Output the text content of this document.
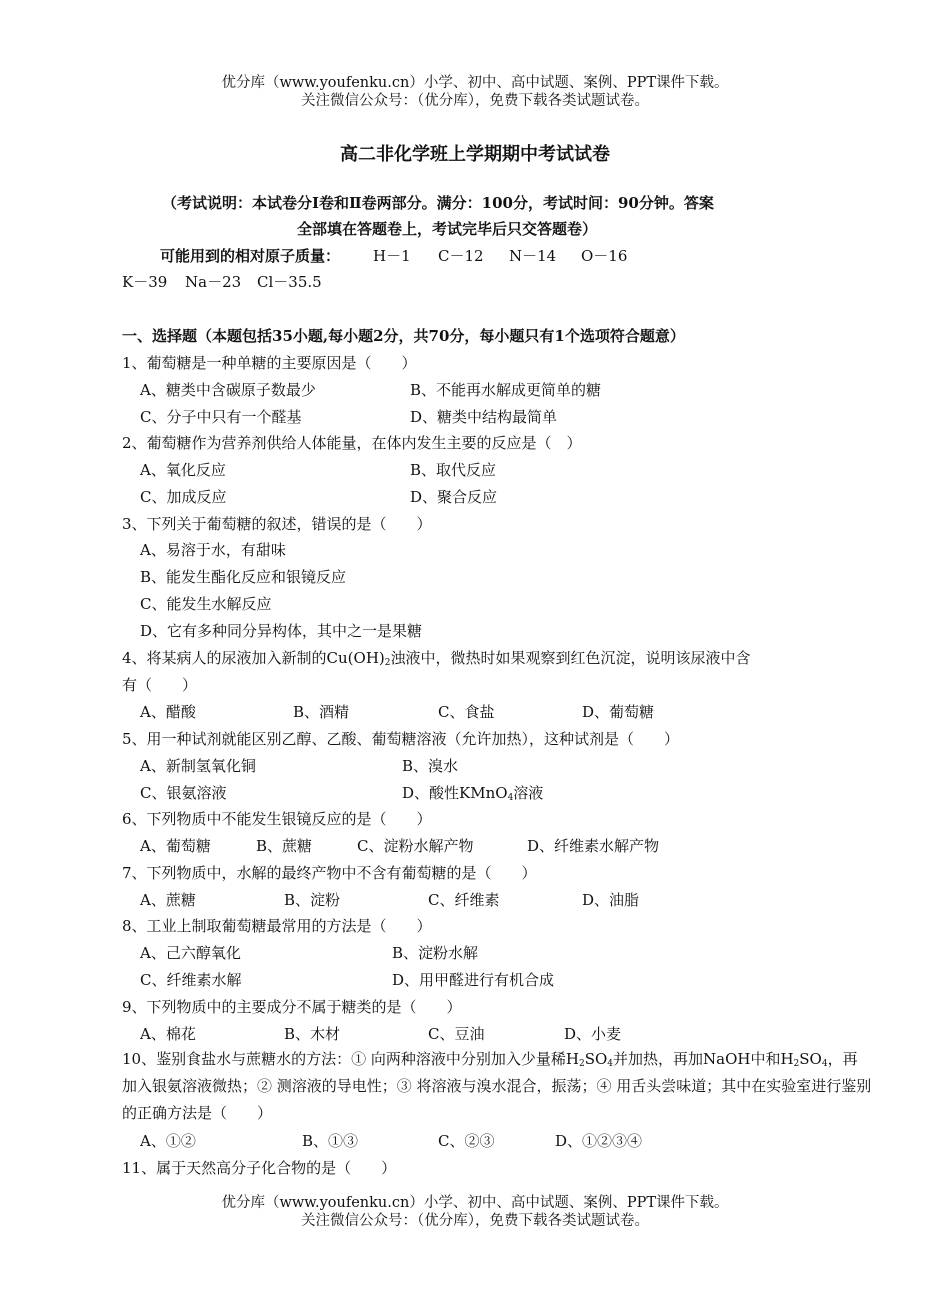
优分库（www.youfenku.cn）小学、初中、高中试题、案例、PPT课件下载。
关注微信公众号：（优分库），免费下载各类试题试卷。
高二非化学班上学期期中考试试卷
（考试说明：本试卷分Ⅰ卷和Ⅱ卷两部分。满分：100分，考试时间：90分钟。答案
全部填在答题卷上，考试完毕后只交答题卷）
可能用到的相对原子质量： H－1 C－12 N－14 O－16
K－39 Na－23 Cl－35.5
一、选择题（本题包括35小题,每小题2分，共70分，每小题只有1个选项符合题意）
1、葡萄糖是一种单糖的主要原因是（　　）
A、糖类中含碳原子数最少	B、不能再水解成更简单的糖
C、分子中只有一个醛基	D、糖类中结构最简单
2、葡萄糖作为营养剂供给人体能量，在体内发生主要的反应是（　）
A、氧化反应	B、取代反应
C、加成反应	D、聚合反应
3、下列关于葡萄糖的叙述，错误的是（　　）
A、易溶于水，有甜味
B、能发生酯化反应和银镜反应
C、能发生水解反应
D、它有多种同分异构体，其中之一是果糖
4、将某病人的尿液加入新制的$Cu(OH)_2$浊液中，微热时如果观察到红色沉淀，说明该尿液中含
有（　　）
A、醋酸	B、酒精	C、食盐	D、葡萄糖
5、用一种试剂就能区别乙醇、乙酸、葡萄糖溶液（允许加热），这种试剂是（　　）
A、新制氢氧化铜	B、溴水
C、银氨溶液	D、酸性KMnO$_4$溶液
6、下列物质中不能发生银镜反应的是（　　）
A、葡萄糖	B、蔗糖	C、淀粉水解产物	D、纤维素水解产物
7、下列物质中，水解的最终产物中不含有葡萄糖的是（　　）
A、蔗糖	B、淀粉	C、纤维素	D、油脂
8、工业上制取葡萄糖最常用的方法是（　　）
A、己六醇氧化	B、淀粉水解
C、纤维素水解	D、用甲醛进行有机合成
9、下列物质中的主要成分不属于糖类的是（　　）
A、棉花	B、木材	C、豆油	D、小麦
10、鉴别食盐水与蔗糖水的方法：① 向两种溶液中分别加入少量稀$H_2SO_4$并加热，再加NaOH中和$H_2SO_4$，再加入银氨溶液微热；② 测溶液的导电性；③ 将溶液与溴水混合，振荡；④ 用舌头尝味道；其中在实验室进行鉴别的正确方法是（　　）
A、①②	B、①③	C、②③	D、①②③④
11、属于天然高分子化合物的是（　　）
优分库（www.youfenku.cn）小学、初中、高中试题、案例、PPT课件下载。
关注微信公众号：（优分库），免费下载各类试题试卷。
